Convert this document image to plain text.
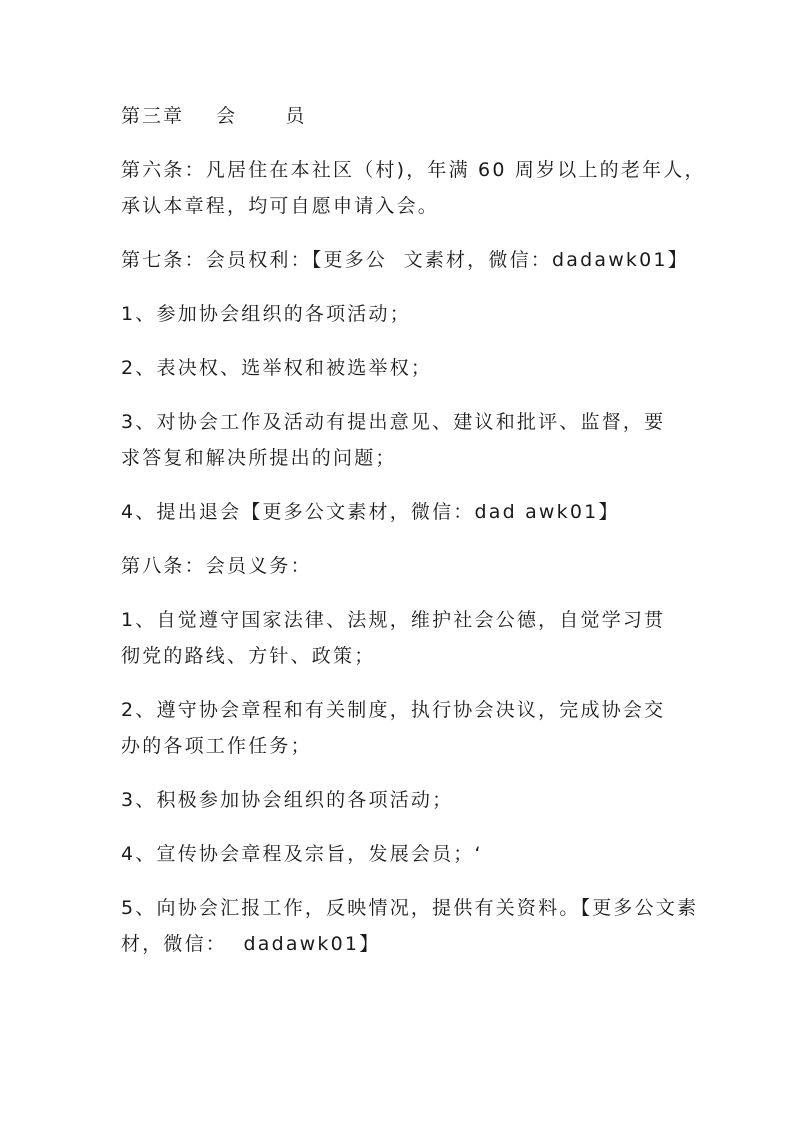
第三章    会      员

第六条：凡居住在本社区（村)，年满 60 周岁以上的老年人，

承认本章程，均可自愿申请入会。

第七条：会员权利：【更多公  文素材，微信：dadawk01】

1、参加协会组织的各项活动；

2、表决权、选举权和被选举权；

3、对协会工作及活动有提出意见、建议和批评、监督，要

求答复和解决所提出的问题；

4、提出退会【更多公文素材，微信：dad awk01】

第八条：会员义务：

1、自觉遵守国家法律、法规，维护社会公德，自觉学习贯

彻党的路线、方针、政策；

2、遵守协会章程和有关制度，执行协会决议，完成协会交

办的各项工作任务；

3、积极参加协会组织的各项活动；

4、宣传协会章程及宗旨，发展会员；‘

5、向协会汇报工作，反映情况，提供有关资料。【更多公文素

材，微信：  dadawk01】
